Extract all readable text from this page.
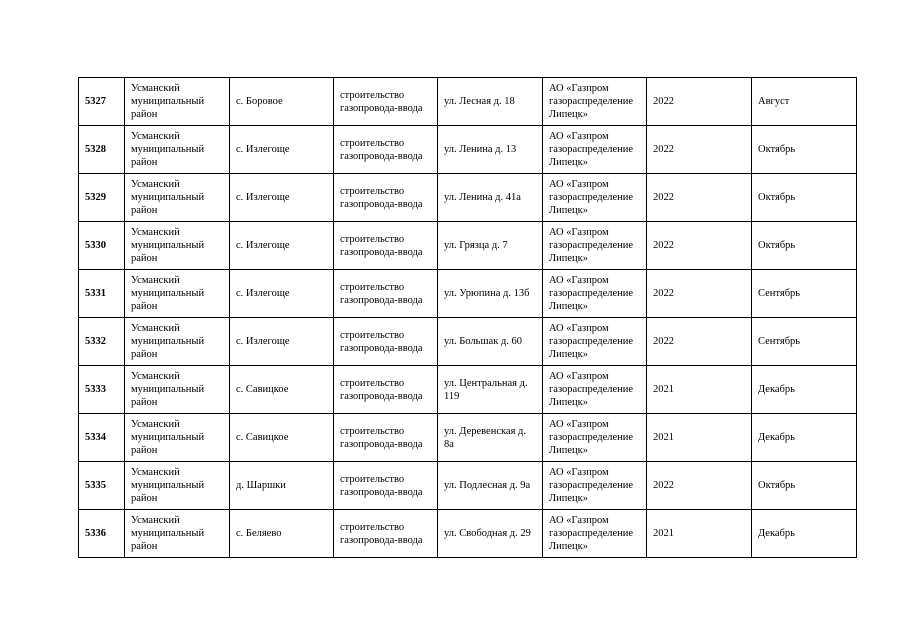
5327	Усманский муниципальный район	с. Боровое	строительство газопровода-ввода	ул. Лесная д. 18	АО «Газпром газораспределение Липецк»	2022	Август
5328	Усманский муниципальный район	с. Излегоще	строительство газопровода-ввода	ул. Ленина д. 13	АО «Газпром газораспределение Липецк»	2022	Октябрь
5329	Усманский муниципальный район	с. Излегоще	строительство газопровода-ввода	ул. Ленина д. 41а	АО «Газпром газораспределение Липецк»	2022	Октябрь
5330	Усманский муниципальный район	с. Излегоще	строительство газопровода-ввода	ул. Грязца д. 7	АО «Газпром газораспределение Липецк»	2022	Октябрь
5331	Усманский муниципальный район	с. Излегоще	строительство газопровода-ввода	ул. Урюпина д. 13б	АО «Газпром газораспределение Липецк»	2022	Сентябрь
5332	Усманский муниципальный район	с. Излегоще	строительство газопровода-ввода	ул. Большак д. 60	АО «Газпром газораспределение Липецк»	2022	Сентябрь
5333	Усманский муниципальный район	с. Савицкое	строительство газопровода-ввода	ул. Центральная д. 119	АО «Газпром газораспределение Липецк»	2021	Декабрь
5334	Усманский муниципальный район	с. Савицкое	строительство газопровода-ввода	ул. Деревенская д. 8а	АО «Газпром газораспределение Липецк»	2021	Декабрь
5335	Усманский муниципальный район	д. Шаршки	строительство газопровода-ввода	ул. Подлесная д. 9а	АО «Газпром газораспределение Липецк»	2022	Октябрь
5336	Усманский муниципальный район	с. Беляево	строительство газопровода-ввода	ул. Свободная д. 29	АО «Газпром газораспределение Липецк»	2021	Декабрь
